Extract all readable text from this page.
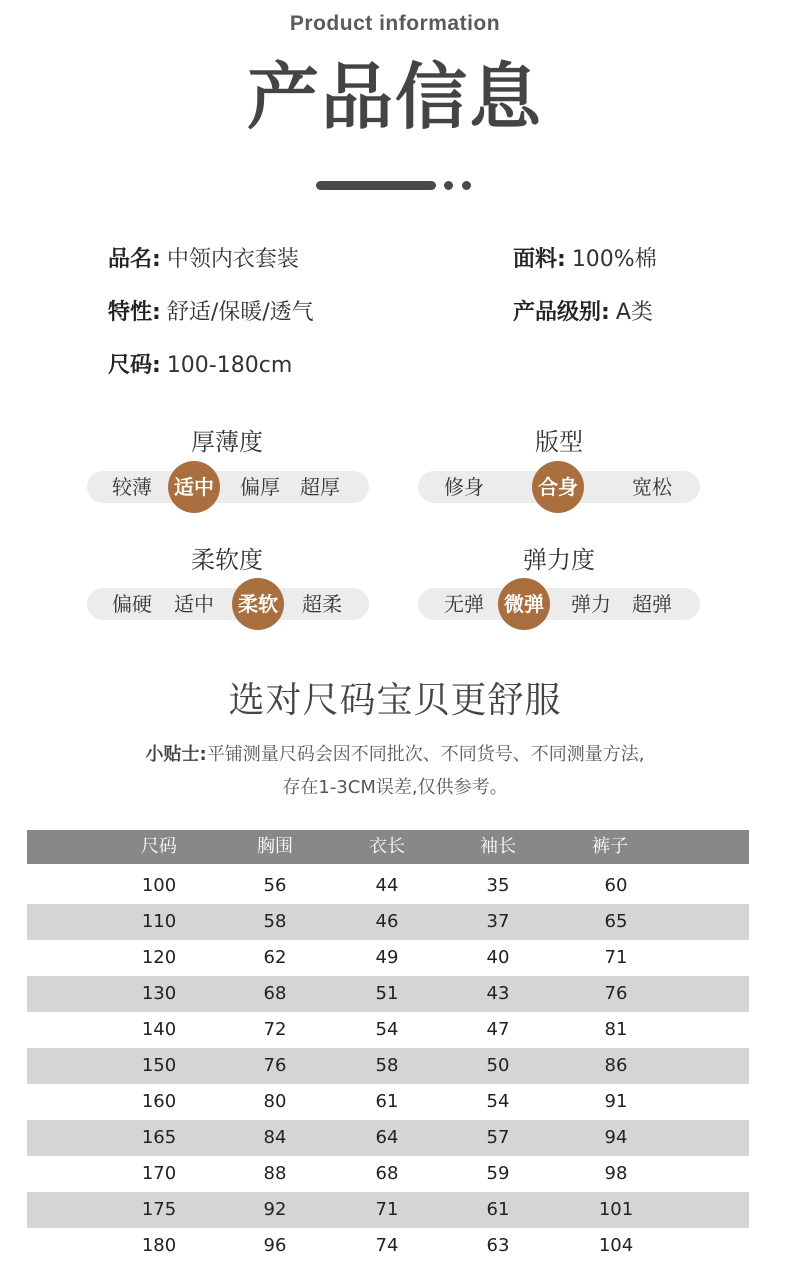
Product information
产品信息
品名: 中领内衣套装	面料: 100%棉
特性: 舒适/保暖/透气	产品级别: A类
尺码: 100-180cm
厚薄度
较薄	适中	偏厚 超厚
版型
修身	合身	宽松
柔软度
偏硬 适中	柔软	超柔
弹力度
无弹	微弹	弹力 超弹
选对尺码宝贝更舒服
小贴士:平铺测量尺码会因不同批次、不同货号、不同测量方法,
存在1-3CM误差,仅供参考。
尺码	胸围	衣长	袖长	裤子
100	56	44	35	60
110	58	46	37	65
120	62	49	40	71
130	68	51	43	76
140	72	54	47	81
150	76	58	50	86
160	80	61	54	91
165	84	64	57	94
170	88	68	59	98
175	92	71	61	101
180	96	74	63	104
